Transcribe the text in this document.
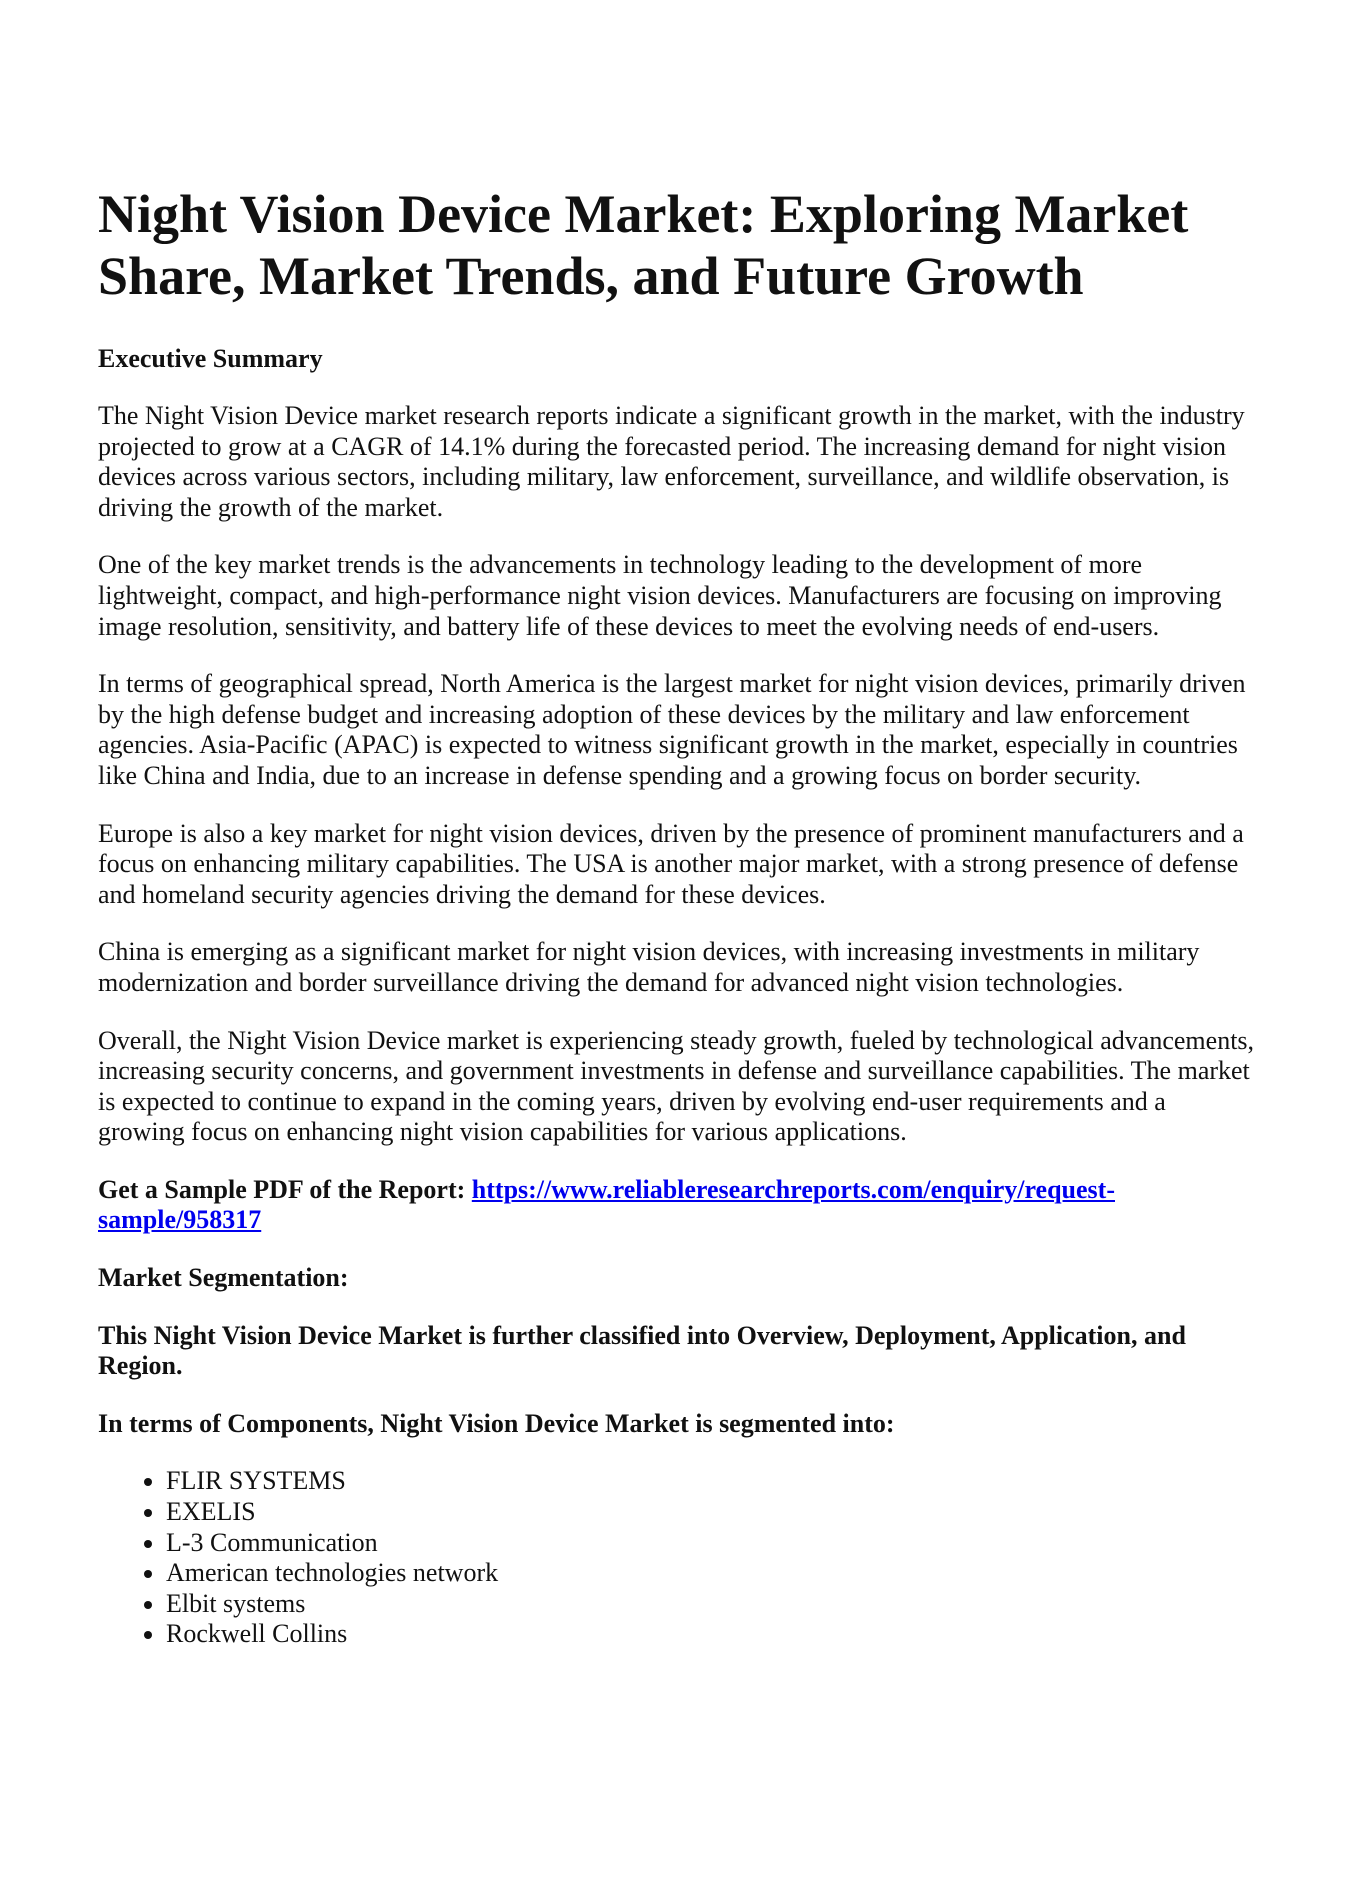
Night Vision Device Market: Exploring Market Share, Market Trends, and Future Growth
Executive Summary

The Night Vision Device market research reports indicate a significant growth in the market, with the industry projected to grow at a CAGR of 14.1% during the forecasted period. The increasing demand for night vision devices across various sectors, including military, law enforcement, surveillance, and wildlife observation, is driving the growth of the market.

One of the key market trends is the advancements in technology leading to the development of more lightweight, compact, and high-performance night vision devices. Manufacturers are focusing on improving image resolution, sensitivity, and battery life of these devices to meet the evolving needs of end-users.

In terms of geographical spread, North America is the largest market for night vision devices, primarily driven by the high defense budget and increasing adoption of these devices by the military and law enforcement agencies. Asia-Pacific (APAC) is expected to witness significant growth in the market, especially in countries like China and India, due to an increase in defense spending and a growing focus on border security.

Europe is also a key market for night vision devices, driven by the presence of prominent manufacturers and a focus on enhancing military capabilities. The USA is another major market, with a strong presence of defense and homeland security agencies driving the demand for these devices.

China is emerging as a significant market for night vision devices, with increasing investments in military modernization and border surveillance driving the demand for advanced night vision technologies.

Overall, the Night Vision Device market is experiencing steady growth, fueled by technological advancements, increasing security concerns, and government investments in defense and surveillance capabilities. The market is expected to continue to expand in the coming years, driven by evolving end-user requirements and a growing focus on enhancing night vision capabilities for various applications.

Get a Sample PDF of the Report: https://www.reliableresearchreports.com/enquiry/request-sample/958317

Market Segmentation:

This Night Vision Device Market is further classified into Overview, Deployment, Application, and Region.

In terms of Components, Night Vision Device Market is segmented into:

• FLIR SYSTEMS
• EXELIS
• L-3 Communication
• American technologies network
• Elbit systems
• Rockwell Collins
